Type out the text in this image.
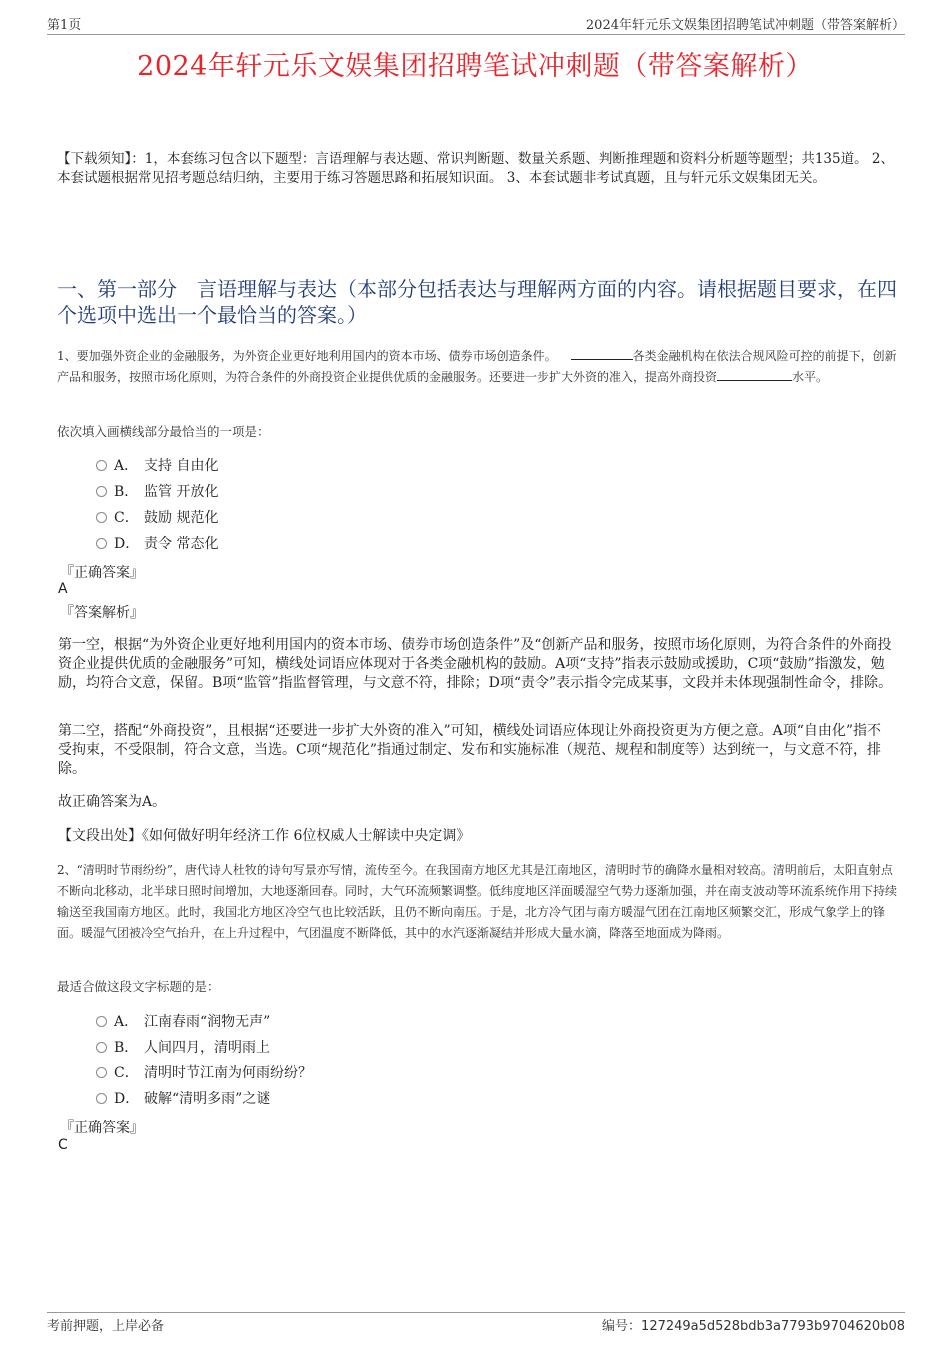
第1页	2024年轩元乐文娱集团招聘笔试冲刺题（带答案解析）
2024年轩元乐文娱集团招聘笔试冲刺题（带答案解析）
【下载须知】：1，本套练习包含以下题型：言语理解与表达题、常识判断题、数量关系题、判断推理题和资料分析题等题型；共135道。 2、本套试题根据常见招考题总结归纳，主要用于练习答题思路和拓展知识面。 3、本套试题非考试真题，且与轩元乐文娱集团无关。
一、第一部分　言语理解与表达（本部分包括表达与理解两方面的内容。请根据题目要求，在四个选项中选出一个最恰当的答案。）
1、要加强外资企业的金融服务，为外资企业更好地利用国内的资本市场、债券市场创造条件。	各类金融机构在依法合规风险可控的前提下，创新产品和服务，按照市场化原则，为符合条件的外商投资企业提供优质的金融服务。还要进一步扩大外资的准入，提高外商投资	水平。
依次填入画横线部分最恰当的一项是：
A． 支持 自由化
B． 监管 开放化
C． 鼓励 规范化
D． 责令 常态化
『正确答案』
A
『答案解析』
第一空，根据“为外资企业更好地利用国内的资本市场、债券市场创造条件”及“创新产品和服务，按照市场化原则，为符合条件的外商投资企业提供优质的金融服务”可知，横线处词语应体现对于各类金融机构的鼓励。A项“支持”指表示鼓励或援助，C项“鼓励”指激发，勉励，均符合文意，保留。B项“监管”指监督管理，与文意不符，排除；D项“责令”表示指令完成某事，文段并未体现强制性命令，排除。
第二空，搭配“外商投资”，且根据“还要进一步扩大外资的准入”可知，横线处词语应体现让外商投资更为方便之意。A项“自由化”指不受拘束，不受限制，符合文意，当选。C项“规范化”指通过制定、发布和实施标准（规范、规程和制度等）达到统一，与文意不符，排除。
故正确答案为A。
【文段出处】《如何做好明年经济工作 6位权威人士解读中央定调》
2、“清明时节雨纷纷”，唐代诗人杜牧的诗句写景亦写情，流传至今。在我国南方地区尤其是江南地区，清明时节的确降水量相对较高。清明前后，太阳直射点不断向北移动，北半球日照时间增加，大地逐渐回春。同时，大气环流频繁调整。低纬度地区洋面暖湿空气势力逐渐加强，并在南支波动等环流系统作用下持续输送至我国南方地区。此时，我国北方地区冷空气也比较活跃，且仍不断向南压。于是，北方冷气团与南方暖湿气团在江南地区频繁交汇，形成气象学上的锋面。暖湿气团被冷空气抬升，在上升过程中，气团温度不断降低，其中的水汽逐渐凝结并形成大量水滴，降落至地面成为降雨。
最适合做这段文字标题的是：
A． 江南春雨“润物无声”
B． 人间四月，清明雨上
C． 清明时节江南为何雨纷纷？
D． 破解“清明多雨”之谜
『正确答案』
C
考前押题，上岸必备	编号：127249a5d528bdb3a7793b9704620b08
